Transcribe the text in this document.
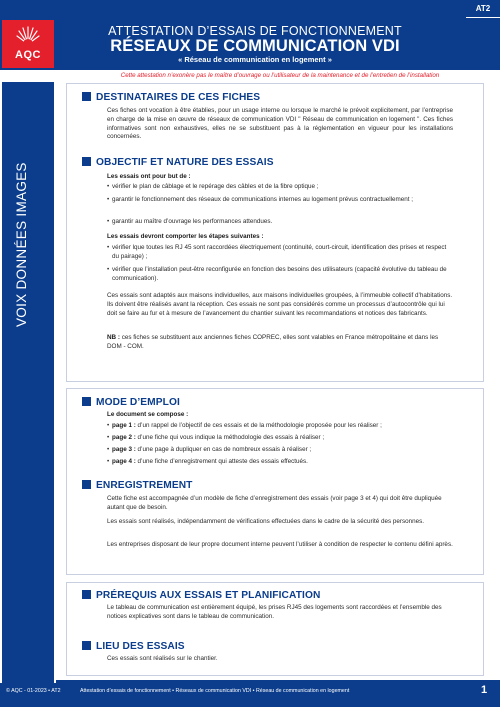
ATTESTATION D’ESSAIS DE FONCTIONNEMENT
RÉSEAUX DE COMMUNICATION VDI
« Réseau de communication en logement »
AT2
AQC
Cette attestation n’exonère pas le maître d’ouvrage ou l’utilisateur de la maintenance et de l’entretien de l’installation
VOIX DONNÉES IMAGES
DESTINATAIRES DE CES FICHES
Ces fiches ont vocation à être établies, pour un usage interne ou lorsque le marché le prévoit explicitement, par l’entreprise en charge de la mise en œuvre de réseaux de communication VDI " Réseau de communication en logement ". Ces fiches informatives sont non exhaustives, elles ne se substituent pas à la réglementation en vigueur pour les installations concernées.
OBJECTIF ET NATURE DES ESSAIS
Les essais ont pour but de :
• vérifier le plan de câblage et le repérage des câbles et de la fibre optique ;
• garantir le fonctionnement des réseaux de communications internes au logement prévus contractuellement ;
• garantir au maître d’ouvrage les performances attendues.
Les essais devront comporter les étapes suivantes :
• vérifier lque toutes les RJ 45 sont raccordées électriquement (continuité, court-circuit, identification des prises et respect du pairage) ;
• vérifier que l’installation peut-être reconfigurée en fonction des besoins des utilisateurs (capacité évolutive du tableau de communication).
Ces essais sont adaptés aux maisons individuelles, aux maisons individuelles groupées, à l’immeuble collectif d’habitations. Ils doivent être réalisés avant la réception. Ces essais ne sont pas considérés comme un processus d’autocontrôle qui lui doit se faire au fur et à mesure de l’avancement du chantier suivant les recommandations et notices des fabricants.
NB : ces fiches se substituent aux anciennes fiches COPREC, elles sont valables en France métropolitaine et dans les DOM - COM.
MODE D’EMPLOI
Le document se compose :
• page 1 : d’un rappel de l’objectif de ces essais et de la méthodologie proposée pour les réaliser ;
• page 2 : d’une fiche qui vous indique la méthodologie des essais à réaliser ;
• page 3 : d’une page à dupliquer en cas de nombreux essais à réaliser ;
• page 4 : d’une fiche d’enregistrement qui atteste des essais effectués.
ENREGISTREMENT
Cette fiche est accompagnée d’un modèle de fiche d’enregistrement des essais (voir page 3 et 4) qui doit être dupliquée autant que de besoin.
Les essais sont réalisés, indépendamment de vérifications effectuées dans le cadre de la sécurité des personnes.
Les entreprises disposant de leur propre document interne peuvent l’utiliser à condition de respecter le contenu défini après.
PRÉREQUIS AUX ESSAIS ET PLANIFICATION
Le tableau de communication est entièrement équipé, les prises RJ45 des logements sont raccordées et l’ensemble des notices explicatives sont dans le tableau de communication.
LIEU DES ESSAIS
Ces essais sont réalisés sur le chantier.
© AQC - 01-2023 • AT2	Attestation d’essais de fonctionnement • Réseaux de communication VDI • Réseau de communication en logement	1
